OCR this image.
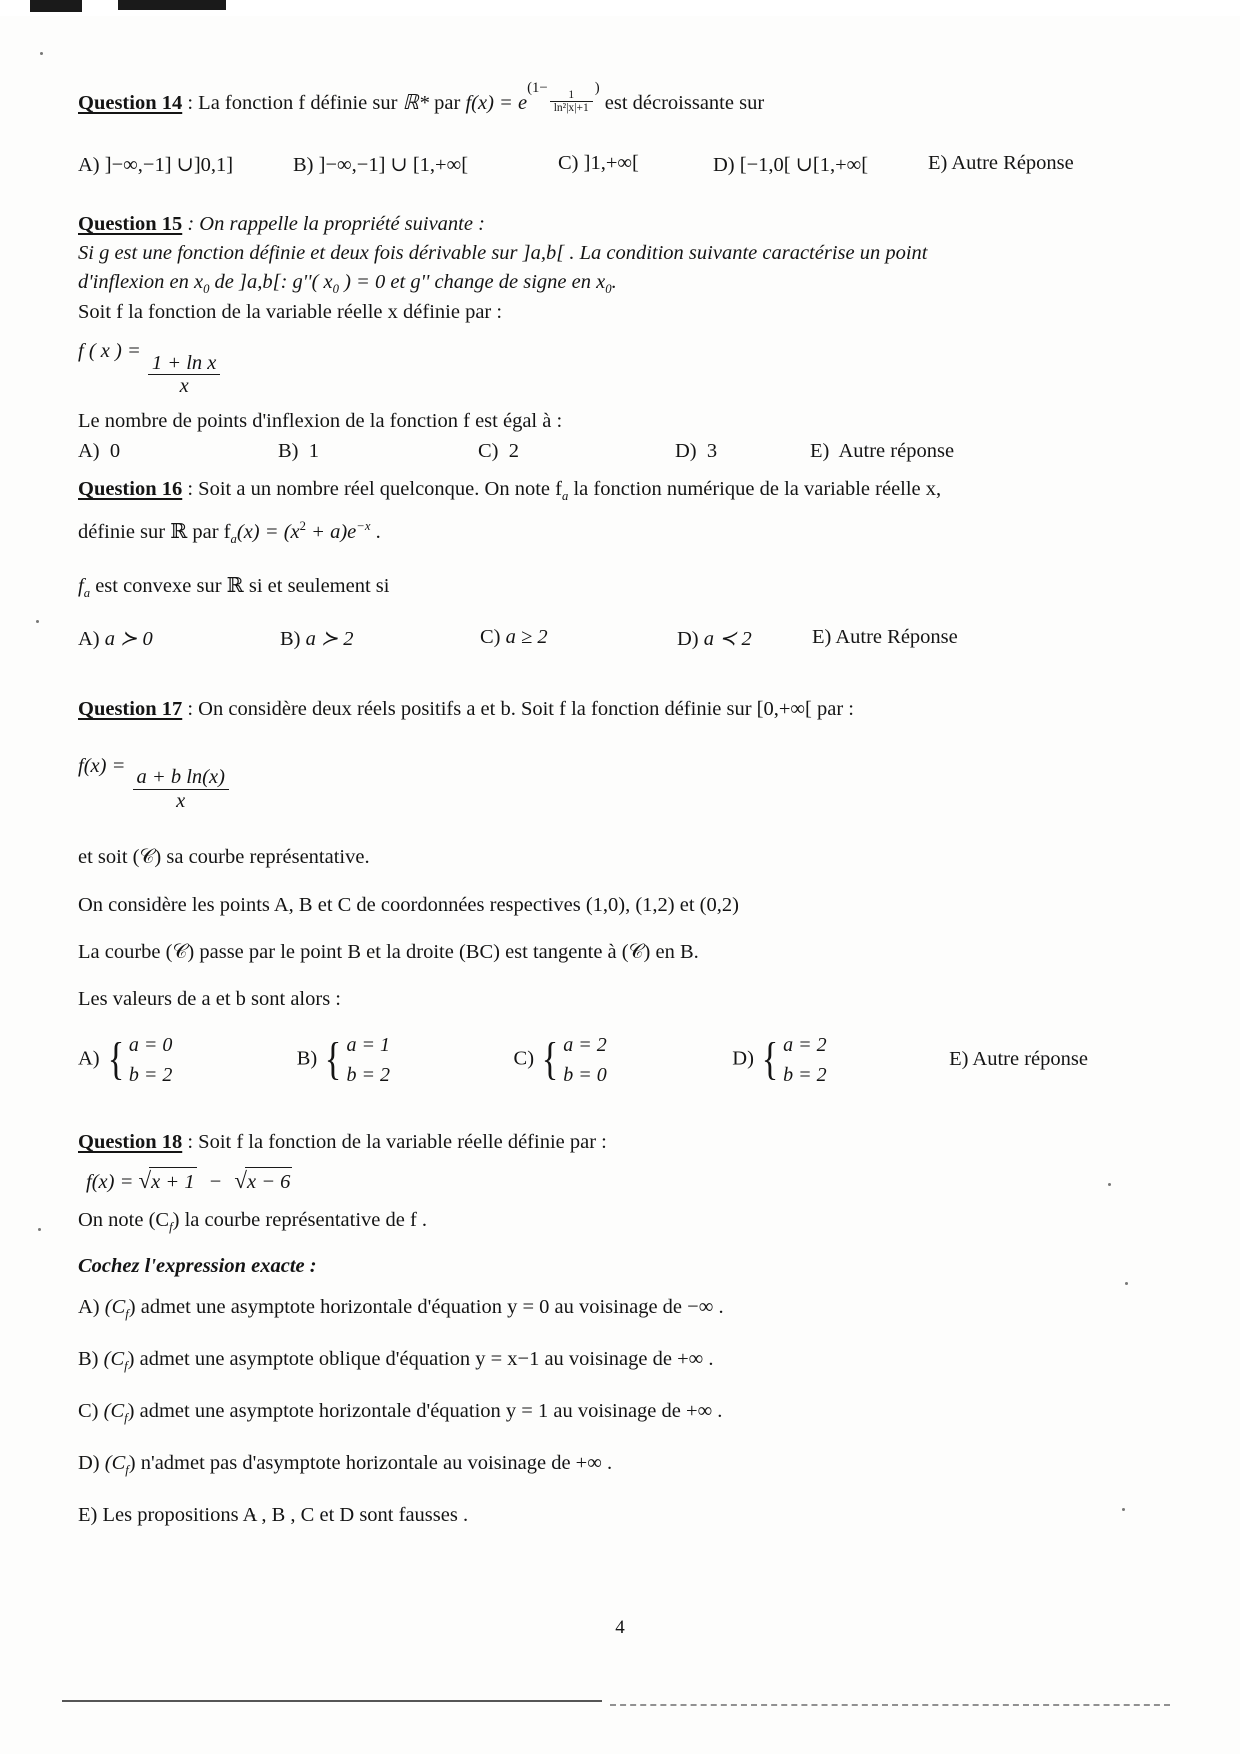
Question 14 : La fonction f définie sur ℝ* par f(x) = e(1−
$\frac{1}{\text{ln²|x|+1}}$
) est décroissante sur
A) ]−∞,−1] ∪]0,1]	B) ]−∞,−1] ∪ [1,+∞[	C) ]1,+∞[	D) [−1,0[ ∪[1,+∞[	E) Autre Réponse
Question 15 : On rappelle la propriété suivante :
Si g est une fonction définie et deux fois dérivable sur ]a,b[ . La condition suivante caractérise un point
d'inflexion en $x_0$ de ]a,b[: g''( $x_0$ ) = 0 et g'' change de signe en $x_0$.
Soit f la fonction de la variable réelle x définie par :
f ( x ) =
$\frac{\text{1 + ln x}}{x}$
Le nombre de points d'inflexion de la fonction f est égal à :
A) 0	B) 1	C) 2	D) 3	E) Autre réponse
Question 16 : Soit a un nombre réel quelconque. On note $f_a$ la fonction numérique de la variable réelle x,
définie sur ℝ par $f_a(x) = (x^2 + a)e^{-x}$ .
$f_a$ est convexe sur ℝ si et seulement si
A) a ≻ 0	B) a ≻ 2	C) a ≥ 2	D) a ≺ 2	E) Autre Réponse
Question 17 : On considère deux réels positifs a et b. Soit f la fonction définie sur [0,+∞[ par :
f(x) =
$\frac{\text{a + b ln(x)}}{x}$
et soit (𝒞) sa courbe représentative.
On considère les points A, B et C de coordonnées respectives (1,0), (1,2) et (0,2)
La courbe (𝒞) passe par le point B et la droite (BC) est tangente à (𝒞) en B.
Les valeurs de a et b sont alors :
A) { a = 0
b = 2
B) { a = 1
b = 2
C) { a = 2
b = 0
D) { a = 2
b = 2
E) Autre réponse
Question 18 : Soit f la fonction de la variable réelle définie par :
f(x) = √x + 1 − √x − 6
On note $(C_f)$ la courbe représentative de f .
Cochez l'expression exacte :
A) $(C_f)$ admet une asymptote horizontale d'équation y = 0 au voisinage de −∞ .
B) $(C_f)$ admet une asymptote oblique d'équation y = x−1 au voisinage de +∞ .
C) $(C_f)$ admet une asymptote horizontale d'équation y = 1 au voisinage de +∞ .
D) $(C_f)$ n'admet pas d'asymptote horizontale au voisinage de +∞ .
E) Les propositions A , B , C et D sont fausses .
4
